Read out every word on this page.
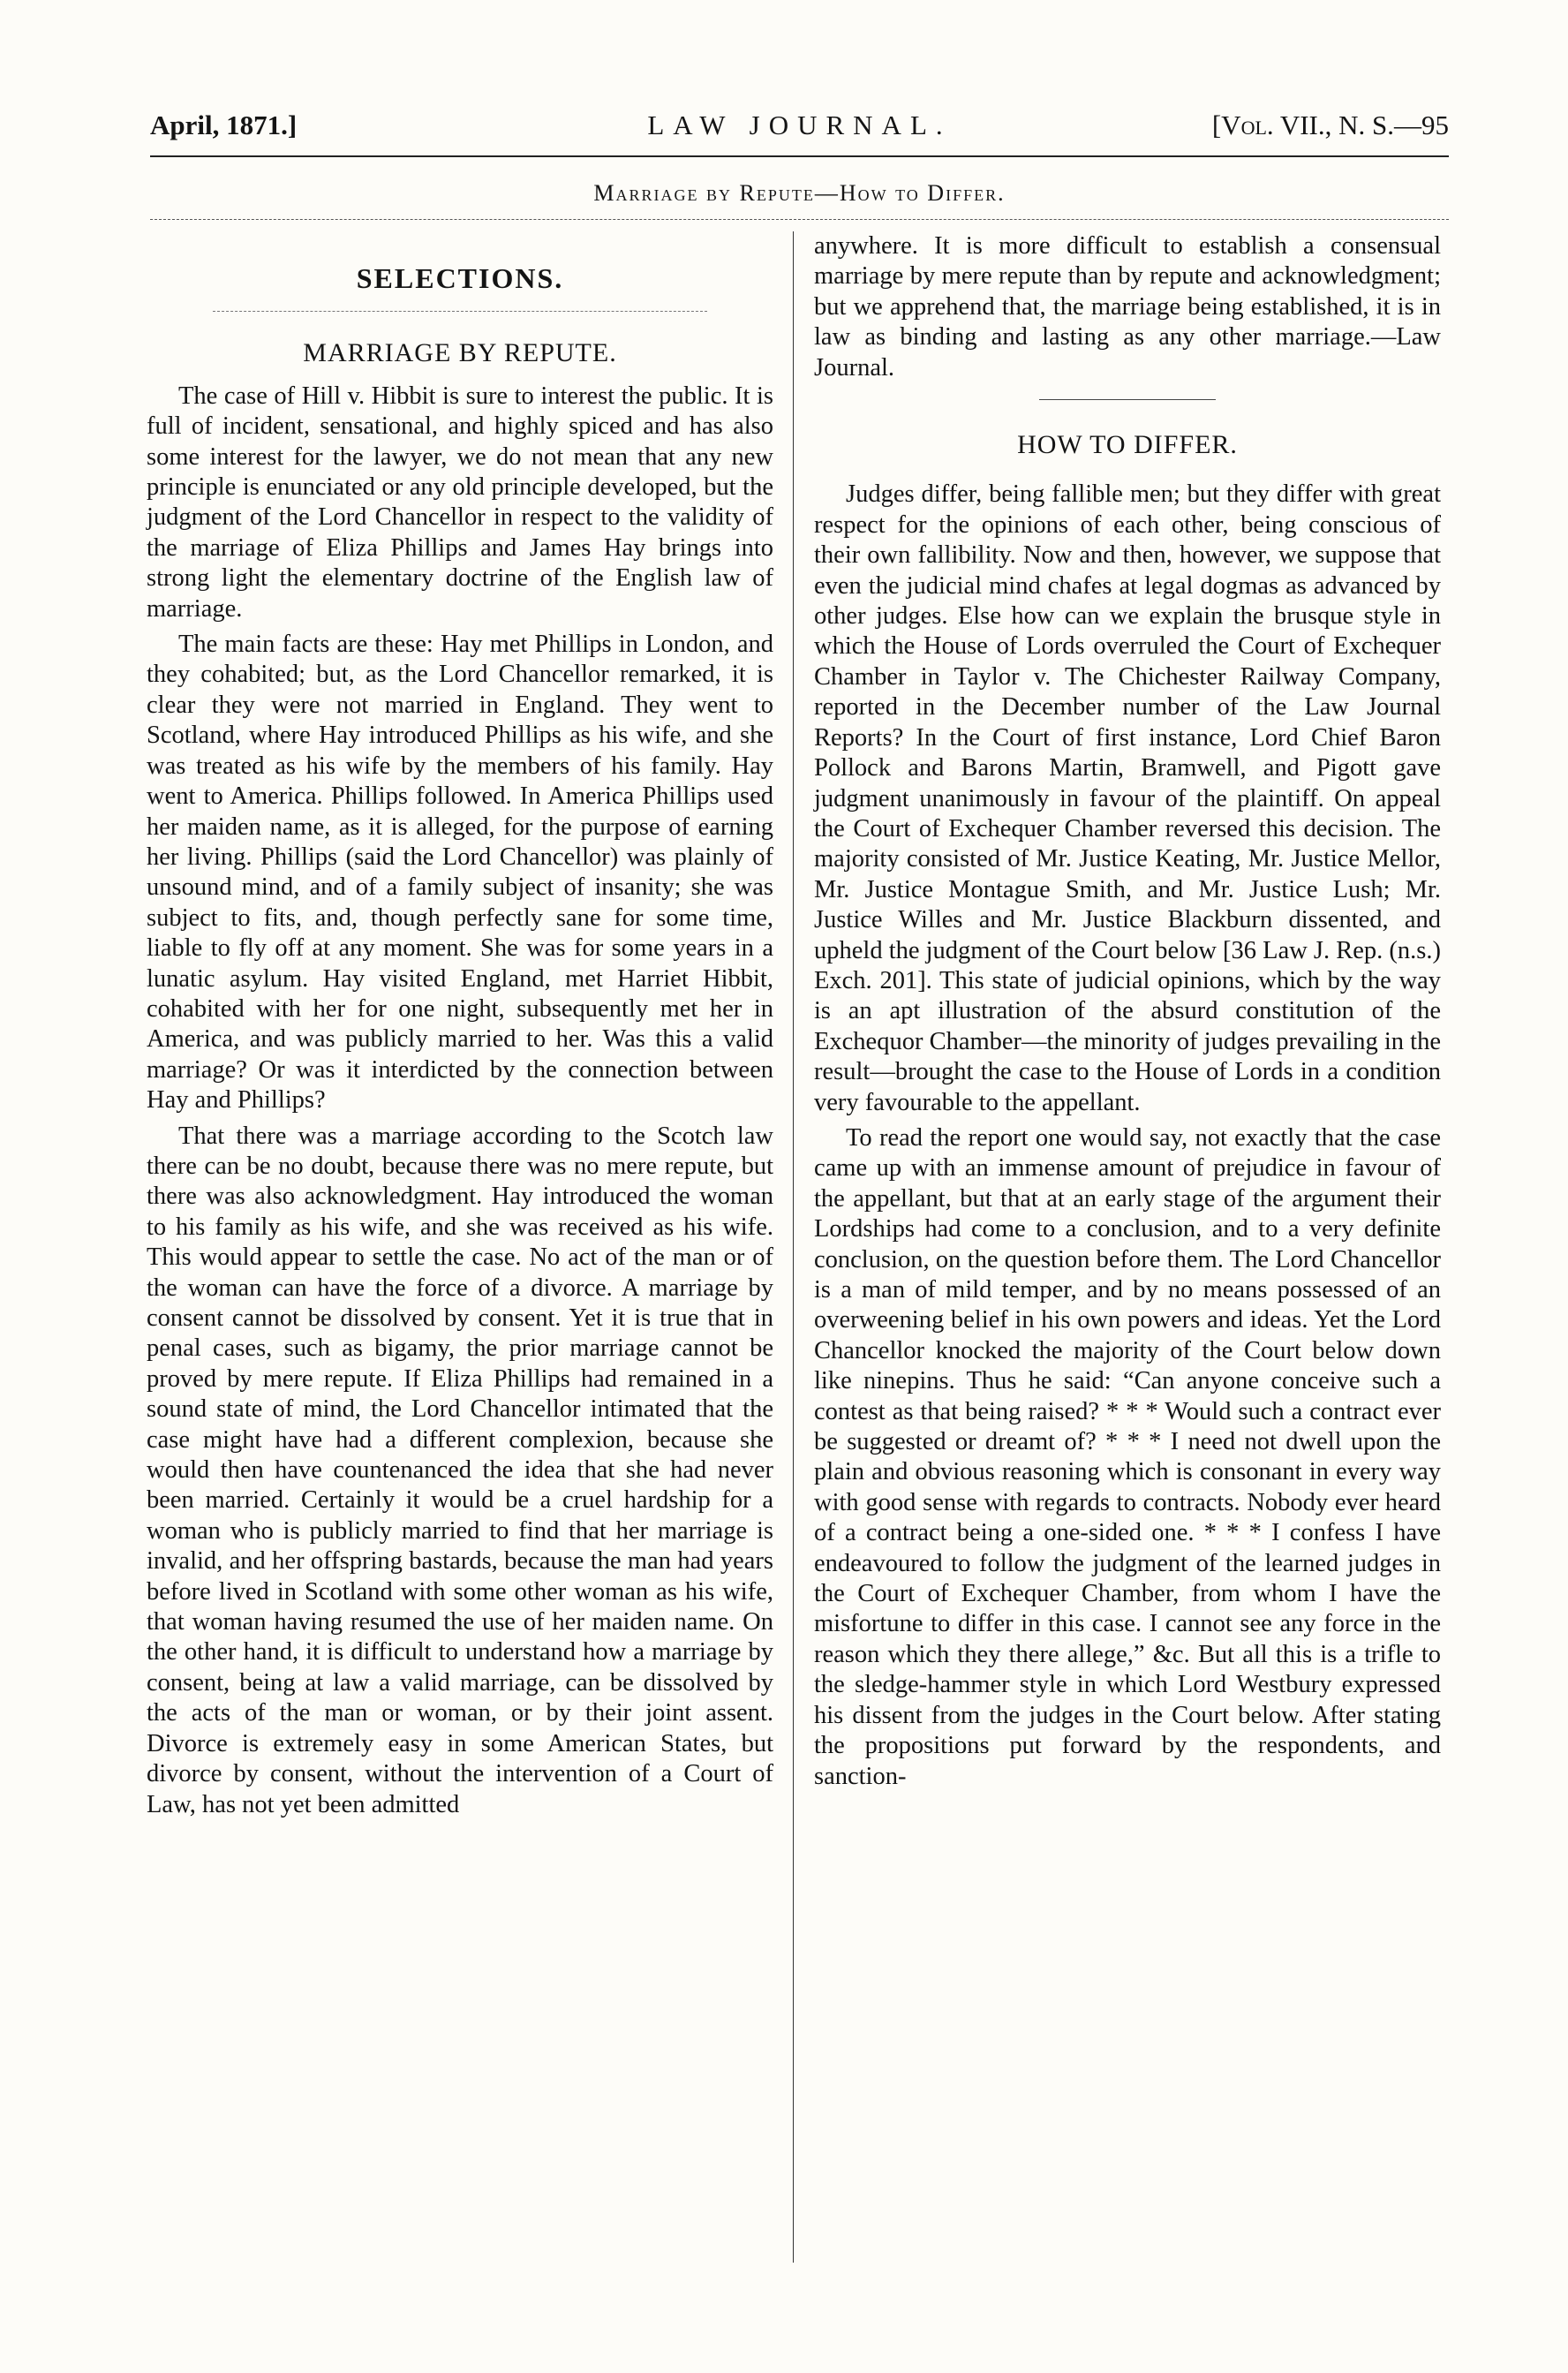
April, 1871.]	LAW JOURNAL.	[Vol. VII., N. S.—95
Marriage by Repute—How to Differ.
SELECTIONS.
MARRIAGE BY REPUTE.

The case of Hill v. Hibbit is sure to interest the public. It is full of incident, sensational, and highly spiced and has also some interest for the lawyer, we do not mean that any new principle is enunciated or any old principle developed, but the judgment of the Lord Chancellor in respect to the validity of the marriage of Eliza Phillips and James Hay brings into strong light the elementary doctrine of the English law of marriage.

The main facts are these: Hay met Phillips in London, and they cohabited; but, as the Lord Chancellor remarked, it is clear they were not married in England. They went to Scotland, where Hay introduced Phillips as his wife, and she was treated as his wife by the members of his family. Hay went to America. Phillips followed. In America Phillips used her maiden name, as it is alleged, for the purpose of earning her living. Phillips (said the Lord Chancellor) was plainly of unsound mind, and of a family subject of insanity; she was subject to fits, and, though perfectly sane for some time, liable to fly off at any moment. She was for some years in a lunatic asylum. Hay visited England, met Harriet Hibbit, cohabited with her for one night, subsequently met her in America, and was publicly married to her. Was this a valid marriage? Or was it interdicted by the connection between Hay and Phillips?

That there was a marriage according to the Scotch law there can be no doubt, because there was no mere repute, but there was also acknowledgment. Hay introduced the woman to his family as his wife, and she was received as his wife. This would appear to settle the case. No act of the man or of the woman can have the force of a divorce. A marriage by consent cannot be dissolved by consent. Yet it is true that in penal cases, such as bigamy, the prior marriage cannot be proved by mere repute. If Eliza Phillips had remained in a sound state of mind, the Lord Chancellor intimated that the case might have had a different complexion, because she would then have countenanced the idea that she had never been married. Certainly it would be a cruel hardship for a woman who is publicly married to find that her marriage is invalid, and her offspring bastards, because the man had years before lived in Scotland with some other woman as his wife, that woman having resumed the use of her maiden name. On the other hand, it is difficult to understand how a marriage by consent, being at law a valid marriage, can be dissolved by the acts of the man or woman, or by their joint assent. Divorce is extremely easy in some American States, but divorce by consent, without the intervention of a Court of Law, has not yet been admitted

anywhere. It is more difficult to establish a consensual marriage by mere repute than by repute and acknowledgment; but we apprehend that, the marriage being established, it is in law as binding and lasting as any other marriage.—Law Journal.

HOW TO DIFFER.

Judges differ, being fallible men; but they differ with great respect for the opinions of each other, being conscious of their own fallibility. Now and then, however, we suppose that even the judicial mind chafes at legal dogmas as advanced by other judges. Else how can we explain the brusque style in which the House of Lords overruled the Court of Exchequer Chamber in Taylor v. The Chichester Railway Company, reported in the December number of the Law Journal Reports? In the Court of first instance, Lord Chief Baron Pollock and Barons Martin, Bramwell, and Pigott gave judgment unanimously in favour of the plaintiff. On appeal the Court of Exchequer Chamber reversed this decision. The majority consisted of Mr. Justice Keating, Mr. Justice Mellor, Mr. Justice Montague Smith, and Mr. Justice Lush; Mr. Justice Willes and Mr. Justice Blackburn dissented, and upheld the judgment of the Court below [36 Law J. Rep. (n.s.) Exch. 201]. This state of judicial opinions, which by the way is an apt illustration of the absurd constitution of the Exchequor Chamber—the minority of judges prevailing in the result—brought the case to the House of Lords in a condition very favourable to the appellant.

To read the report one would say, not exactly that the case came up with an immense amount of prejudice in favour of the appellant, but that at an early stage of the argument their Lordships had come to a conclusion, and to a very definite conclusion, on the question before them. The Lord Chancellor is a man of mild temper, and by no means possessed of an overweening belief in his own powers and ideas. Yet the Lord Chancellor knocked the majority of the Court below down like ninepins. Thus he said: “Can anyone conceive such a contest as that being raised? * * * Would such a contract ever be suggested or dreamt of? * * * I need not dwell upon the plain and obvious reasoning which is consonant in every way with good sense with regards to contracts. Nobody ever heard of a contract being a one-sided one. * * * I confess I have endeavoured to follow the judgment of the learned judges in the Court of Exchequer Chamber, from whom I have the misfortune to differ in this case. I cannot see any force in the reason which they there allege,” &c. But all this is a trifle to the sledge-hammer style in which Lord Westbury expressed his dissent from the judges in the Court below. After stating the propositions put forward by the respondents, and sanction-
